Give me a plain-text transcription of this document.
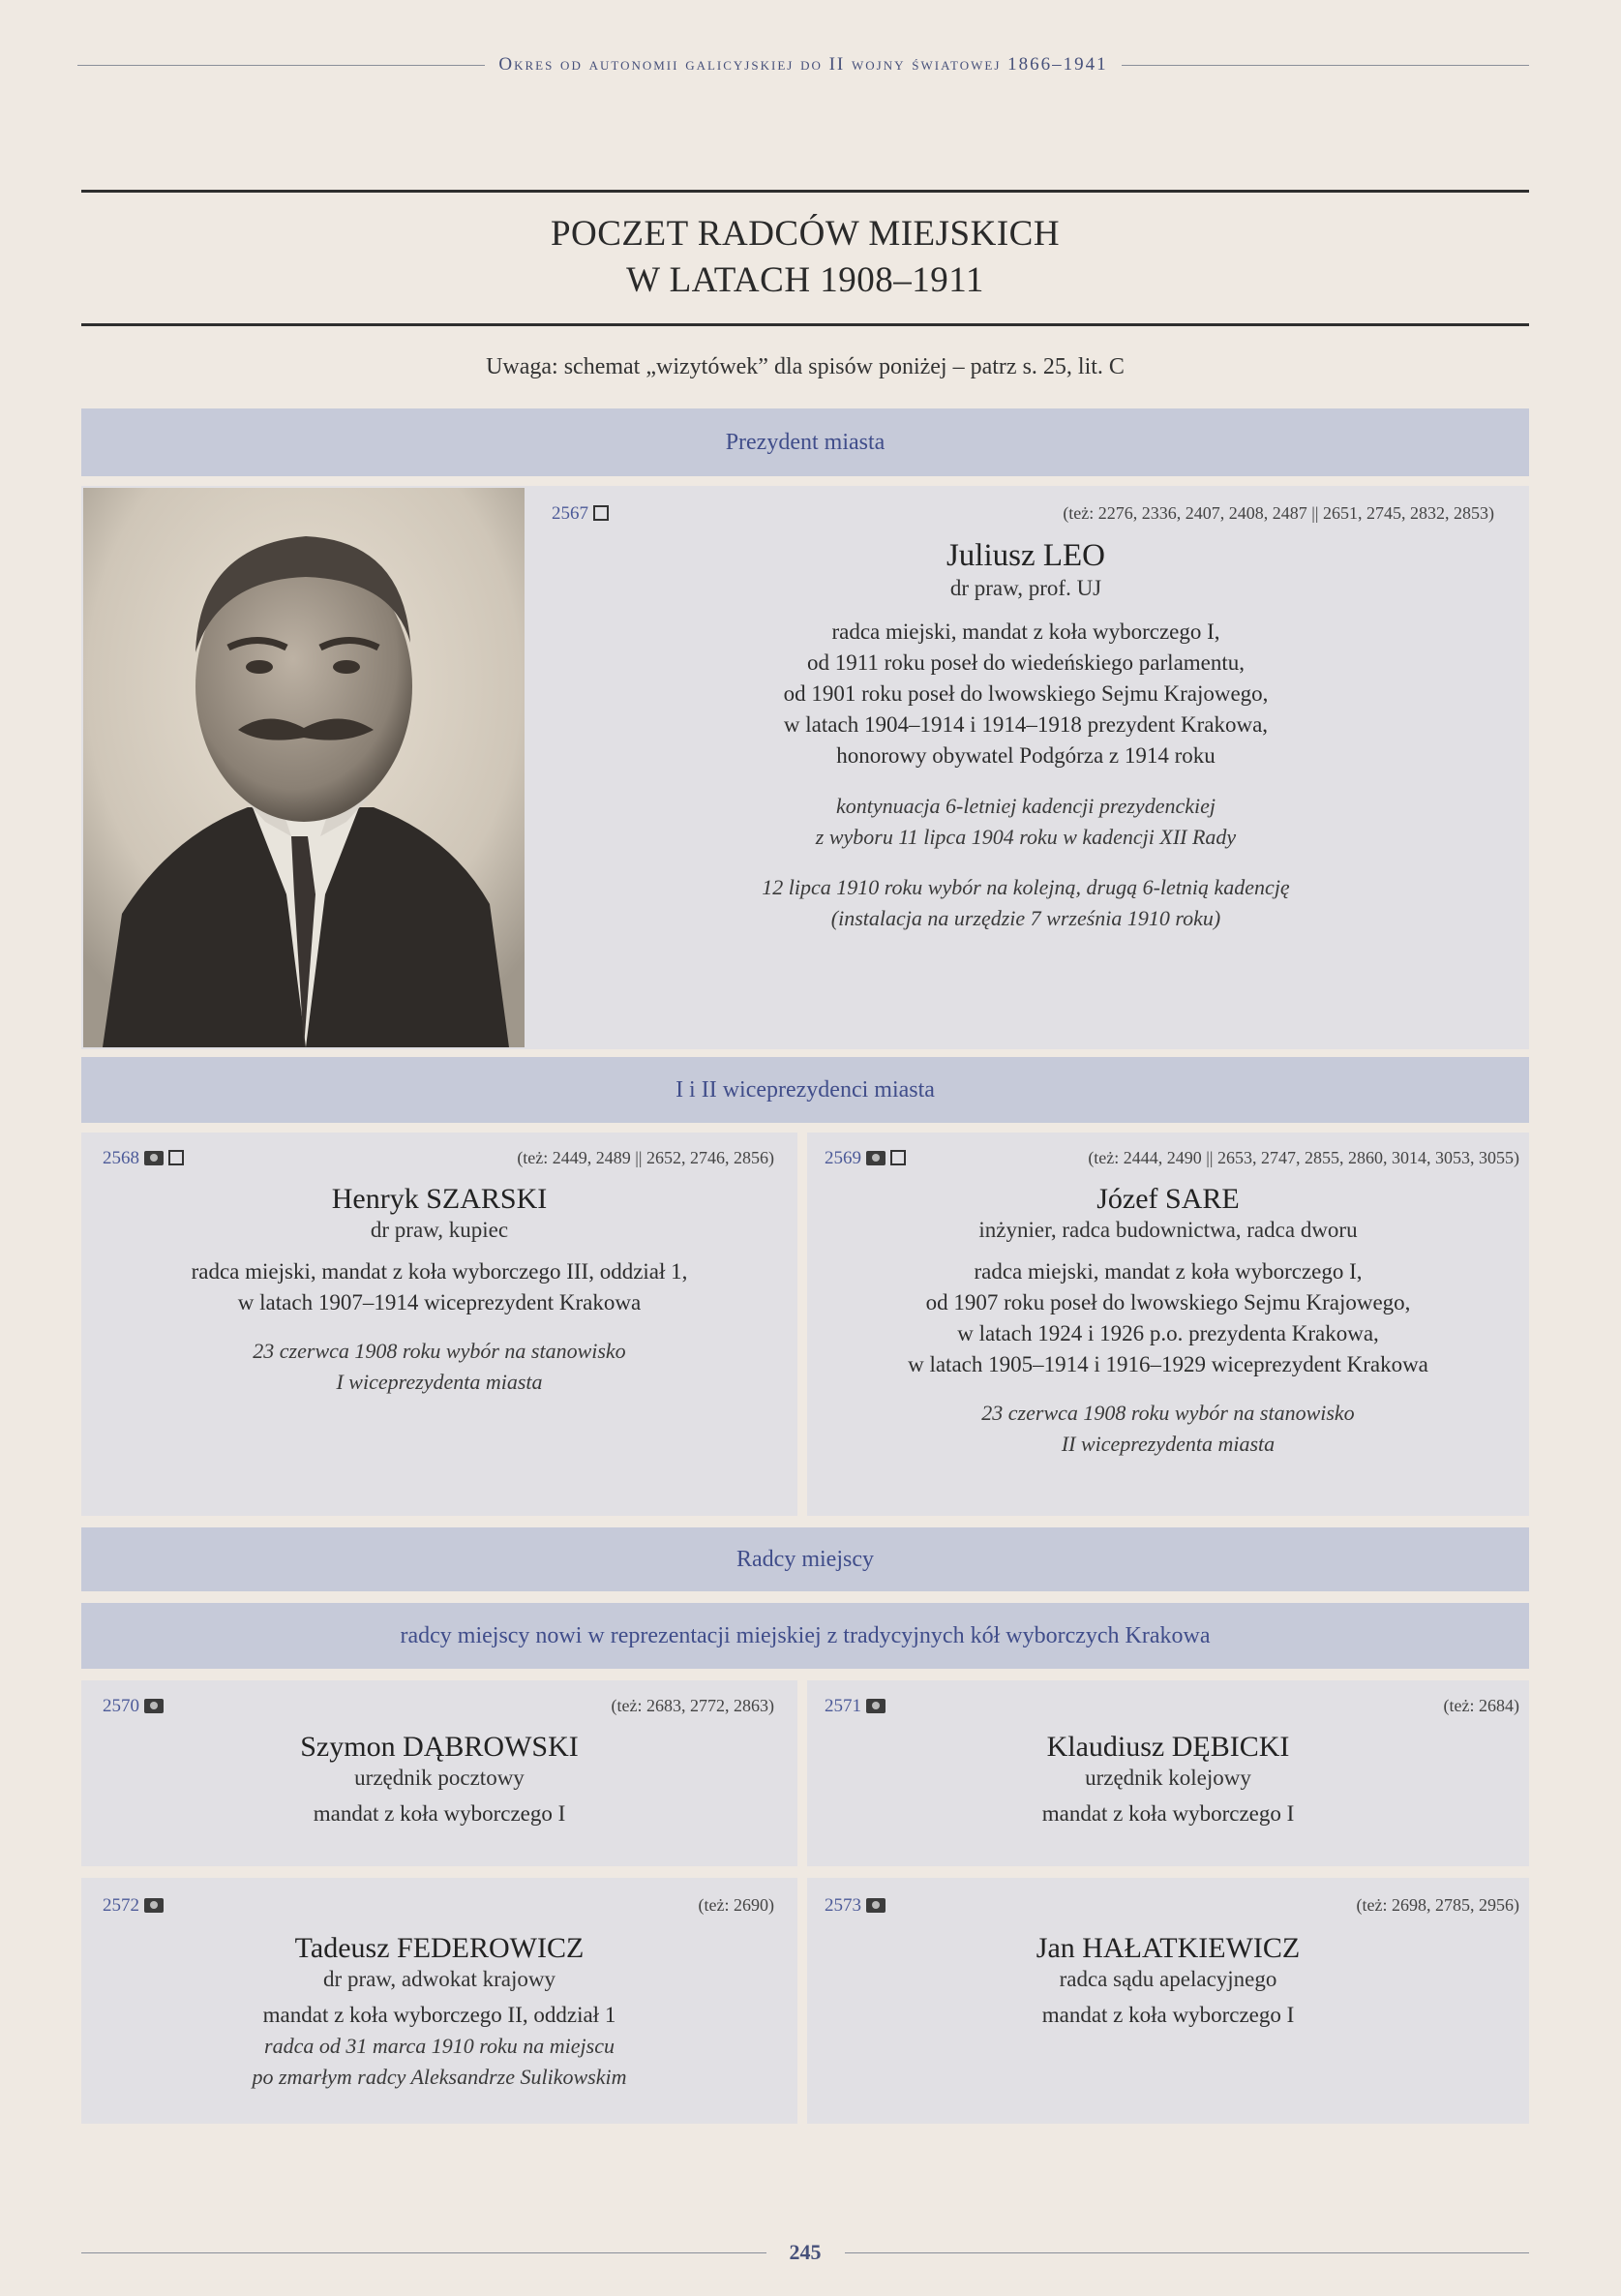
Okres od autonomii galicyjskiej do II wojny światowej 1866–1941
POCZET RADCÓW MIEJSKICH
W LATACH 1908–1911
Uwaga: schemat „wizytówek” dla spisów poniżej – patrz s. 25, lit. C
Prezydent miasta
2567	(też: 2276, 2336, 2407, 2408, 2487 || 2651, 2745, 2832, 2853)
Juliusz LEO
dr praw, prof. UJ
radca miejski, mandat z koła wyborczego I,
od 1911 roku poseł do wiedeńskiego parlamentu,
od 1901 roku poseł do lwowskiego Sejmu Krajowego,
w latach 1904–1914 i 1914–1918 prezydent Krakowa,
honorowy obywatel Podgórza z 1914 roku
kontynuacja 6-letniej kadencji prezydenckiej
z wyboru 11 lipca 1904 roku w kadencji XII Rady
12 lipca 1910 roku wybór na kolejną, drugą 6-letnią kadencję
(instalacja na urzędzie 7 września 1910 roku)
I i II wiceprezydenci miasta
2568	(też: 2449, 2489 || 2652, 2746, 2856)
Henryk SZARSKI
dr praw, kupiec
radca miejski, mandat z koła wyborczego III, oddział 1,
w latach 1907–1914 wiceprezydent Krakowa
23 czerwca 1908 roku wybór na stanowisko
I wiceprezydenta miasta
2569	(też: 2444, 2490 || 2653, 2747, 2855, 2860, 3014, 3053, 3055)
Józef SARE
inżynier, radca budownictwa, radca dworu
radca miejski, mandat z koła wyborczego I,
od 1907 roku poseł do lwowskiego Sejmu Krajowego,
w latach 1924 i 1926 p.o. prezydenta Krakowa,
w latach 1905–1914 i 1916–1929 wiceprezydent Krakowa
23 czerwca 1908 roku wybór na stanowisko
II wiceprezydenta miasta
Radcy miejscy
radcy miejscy nowi w reprezentacji miejskiej z tradycyjnych kół wyborczych Krakowa
2570	(też: 2683, 2772, 2863)
Szymon DĄBROWSKI
urzędnik pocztowy
mandat z koła wyborczego I
2571	(też: 2684)
Klaudiusz DĘBICKI
urzędnik kolejowy
mandat z koła wyborczego I
2572	(też: 2690)
Tadeusz FEDEROWICZ
dr praw, adwokat krajowy
mandat z koła wyborczego II, oddział 1
radca od 31 marca 1910 roku na miejscu
po zmarłym radcy Aleksandrze Sulikowskim
2573	(też: 2698, 2785, 2956)
Jan HAŁATKIEWICZ
radca sądu apelacyjnego
mandat z koła wyborczego I
245
